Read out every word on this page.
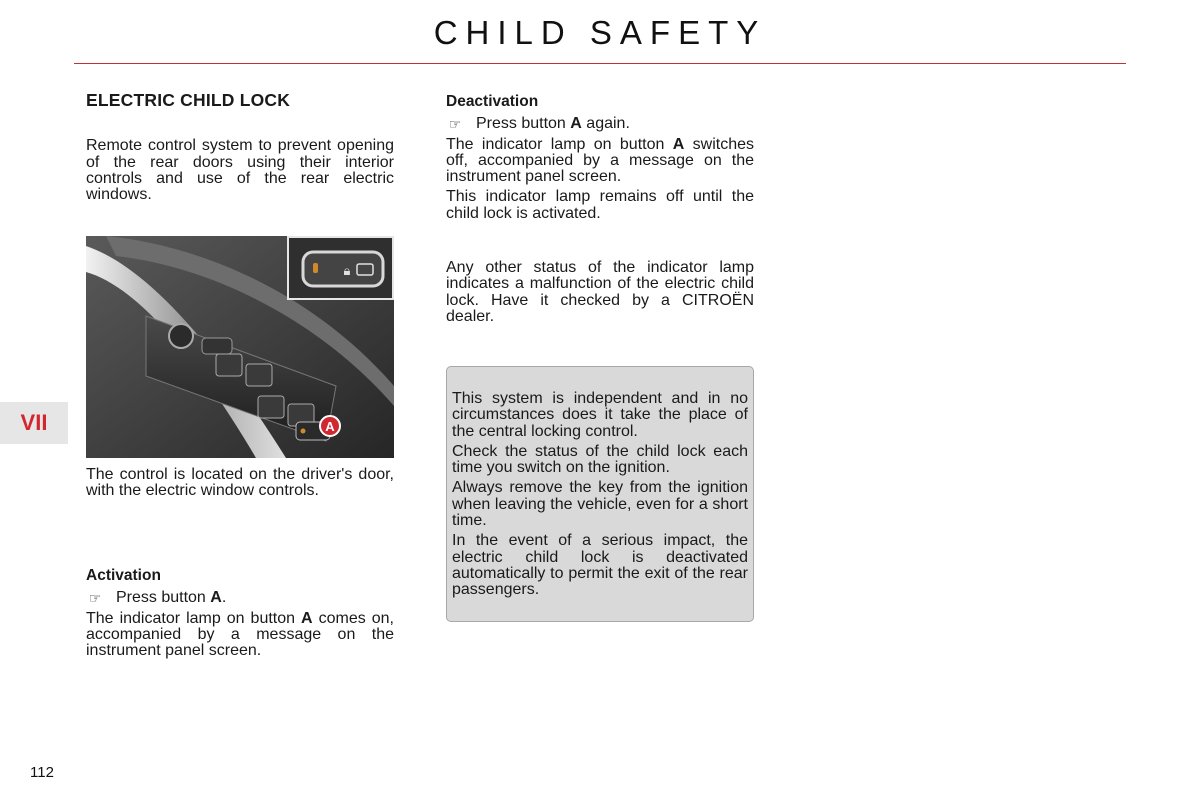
CHILD SAFETY
ELECTRIC CHILD LOCK

Remote control system to prevent opening of the rear doors using their interior controls and use of the rear electric windows.

A
🔒︎

The control is located on the driver's door, with the electric window controls.

Activation
☞ Press button A.

The indicator lamp on button A comes on, accompanied by a message on the instrument panel screen.

Deactivation
☞ Press button A again.

The indicator lamp on button A switches off, accompanied by a message on the instrument panel screen.

This indicator lamp remains off until the child lock is activated.

Any other status of the indicator lamp indicates a malfunction of the electric child lock. Have it checked by a CITROËN dealer.

This system is independent and in no circumstances does it take the place of the central locking control.

Check the status of the child lock each time you switch on the ignition.

Always remove the key from the ignition when leaving the vehicle, even for a short time.

In the event of a serious impact, the electric child lock is deactivated automatically to permit the exit of the rear passengers.

VII
112
